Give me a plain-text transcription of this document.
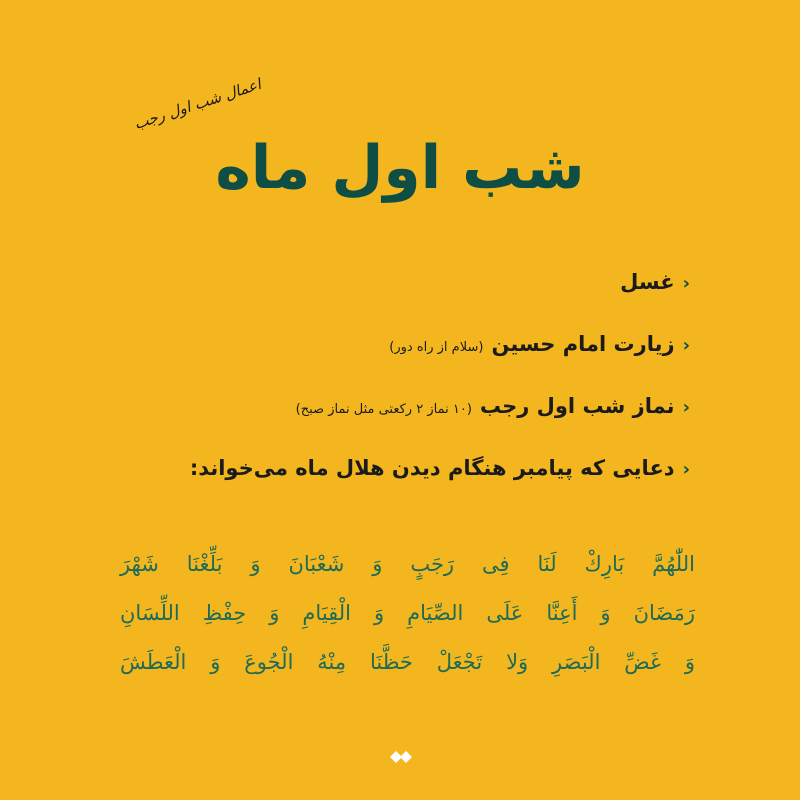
اعمال شب اول رجب
شب اول ماه
‹
غسل
‹
زیارت امام حسین
(سلام از راه دور)
‹
نماز شب اول رجب
(۱۰ نماز ۲ رکعتی مثل نماز صبح)
‹
دعایی که پیامبر هنگام دیدن هلال ماه می‌خواند:
اللّٰهُمَّ بَارِكْ لَنَا فِی رَجَبٍ وَ شَعْبَانَ وَ بَلِّغْنَا شَهْرَ
رَمَضَانَ وَ أَعِنَّا عَلَی الصِّيَامِ وَ الْقِيَامِ وَ حِفْظِ اللِّسَانِ
وَ غَضِّ الْبَصَرِ وَلا تَجْعَلْ حَظَّنَا مِنْهُ الْجُوعَ وَ الْعَطَشَ
